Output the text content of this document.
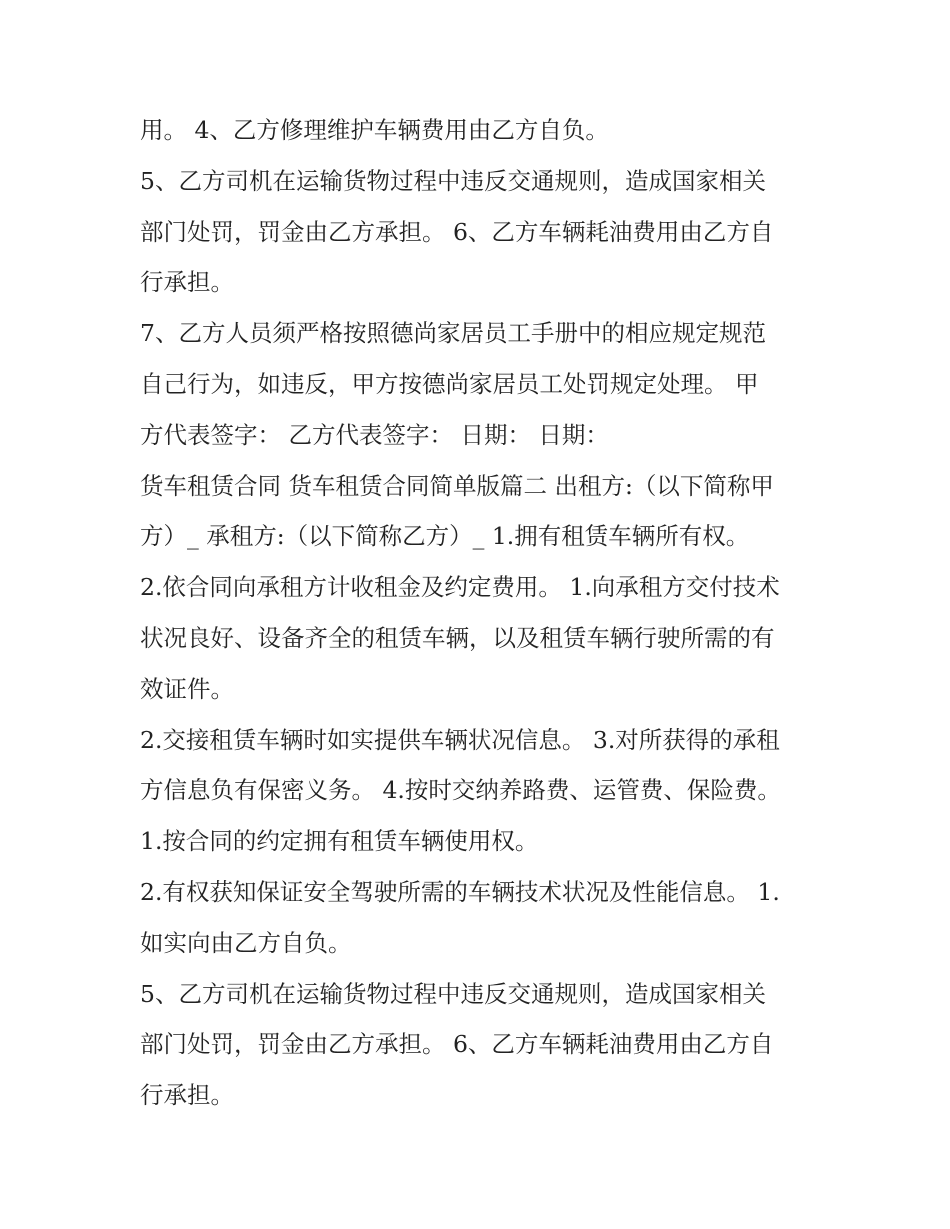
用。 4、乙方修理维护车辆费用由乙方自负。
5、乙方司机在运输货物过程中违反交通规则，造成国家相关
部门处罚，罚金由乙方承担。 6、乙方车辆耗油费用由乙方自
行承担。
7、乙方人员须严格按照德尚家居员工手册中的相应规定规范
自己行为，如违反，甲方按德尚家居员工处罚规定处理。 甲
方代表签字： 乙方代表签字： 日期： 日期：
货车租赁合同 货车租赁合同简单版篇二 出租方:（以下简称甲
方）_ 承租方:（以下简称乙方）_ 1.拥有租赁车辆所有权。
2.依合同向承租方计收租金及约定费用。 1.向承租方交付技术
状况良好、设备齐全的租赁车辆，以及租赁车辆行驶所需的有
效证件。
2.交接租赁车辆时如实提供车辆状况信息。 3.对所获得的承租
方信息负有保密义务。 4.按时交纳养路费、运管费、保险费。
1.按合同的约定拥有租赁车辆使用权。
2.有权获知保证安全驾驶所需的车辆技术状况及性能信息。 1.
如实向由乙方自负。
5、乙方司机在运输货物过程中违反交通规则，造成国家相关
部门处罚，罚金由乙方承担。 6、乙方车辆耗油费用由乙方自
行承担。
